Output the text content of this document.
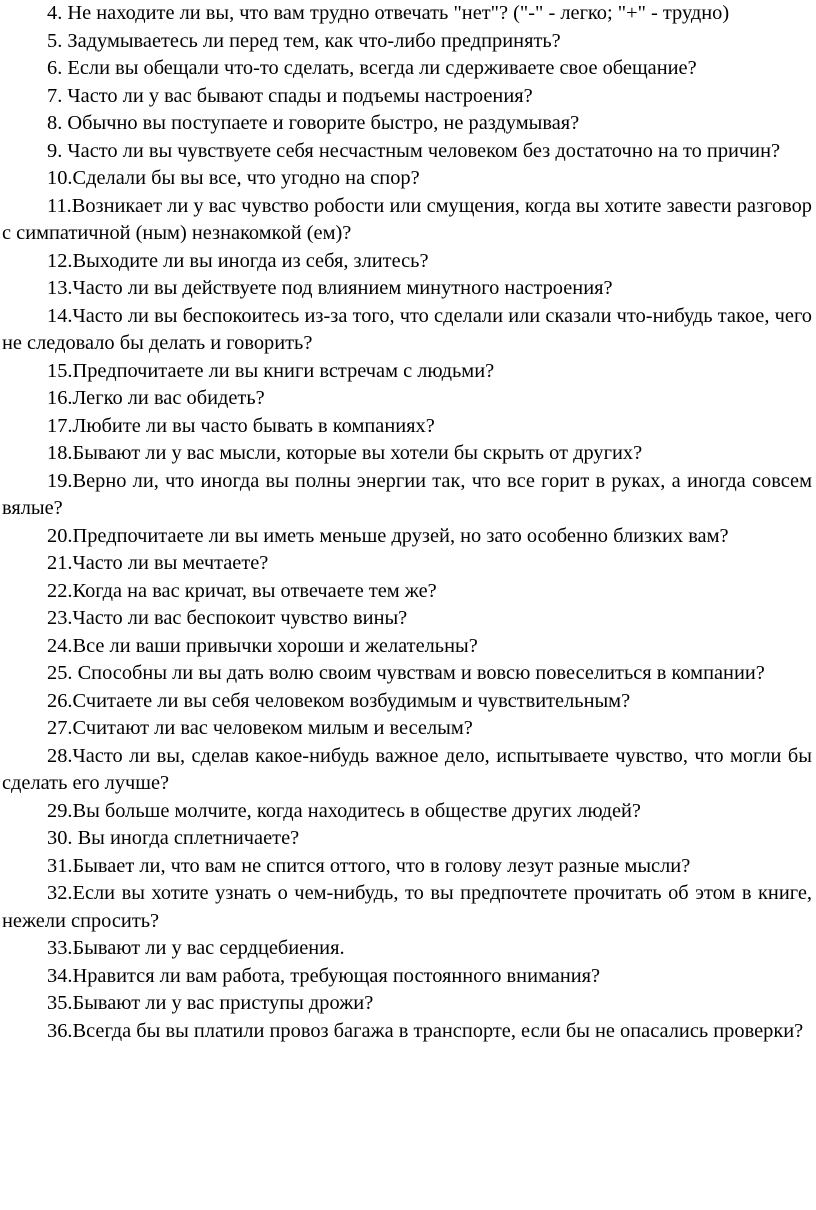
4. Не находите ли вы, что вам трудно отвечать "нет"? ("-" - легко; "+" - трудно)

5. Задумываетесь ли перед тем, как что-либо предпринять?

6. Если вы обещали что-то сделать, всегда ли сдерживаете свое обещание?

7. Часто ли у вас бывают спады и подъемы настроения?

8. Обычно вы поступаете и говорите быстро, не раздумывая?

9. Часто ли вы чувствуете себя несчастным человеком без достаточно на то причин?

10.Сделали бы вы все, что угодно на спор?

11.Возникает ли у вас чувство робости или смущения, когда вы хотите завести разговор с симпатичной (ным) незнакомкой (ем)?

12.Выходите ли вы иногда из себя, злитесь?

13.Часто ли вы действуете под влиянием минутного настроения?

14.Часто ли вы беспокоитесь из-за того, что сделали или сказали что-нибудь такое, чего не следовало бы делать и говорить?

15.Предпочитаете ли вы книги встречам с людьми?

16.Легко ли вас обидеть?

17.Любите ли вы часто бывать в компаниях?

18.Бывают ли у вас мысли, которые вы хотели бы скрыть от других?

19.Верно ли, что иногда вы полны энергии так, что все горит в руках, а иногда совсем вялые?

20.Предпочитаете ли вы иметь меньше друзей, но зато особенно близких вам?

21.Часто ли вы мечтаете?

22.Когда на вас кричат, вы отвечаете тем же?

23.Часто ли вас беспокоит чувство вины?

24.Все ли ваши привычки хороши и желательны?

25. Способны ли вы дать волю своим чувствам и вовсю повеселиться в компании?

26.Считаете ли вы себя человеком возбудимым и чувствительным?

27.Считают ли вас человеком милым и веселым?

28.Часто ли вы, сделав какое-нибудь важное дело, испытываете чувство, что могли бы сделать его лучше?

29.Вы больше молчите, когда находитесь в обществе других людей?

30. Вы иногда сплетничаете?

31.Бывает ли, что вам не спится оттого, что в голову лезут разные мысли?

32.Если вы хотите узнать о чем-нибудь, то вы предпочтете прочитать об этом в книге, нежели спросить?

33.Бывают ли у вас сердцебиения.

34.Нравится ли вам работа, требующая постоянного внимания?

35.Бывают ли у вас приступы дрожи?

36.Всегда бы вы платили провоз багажа в транспорте, если бы не опасались проверки?
